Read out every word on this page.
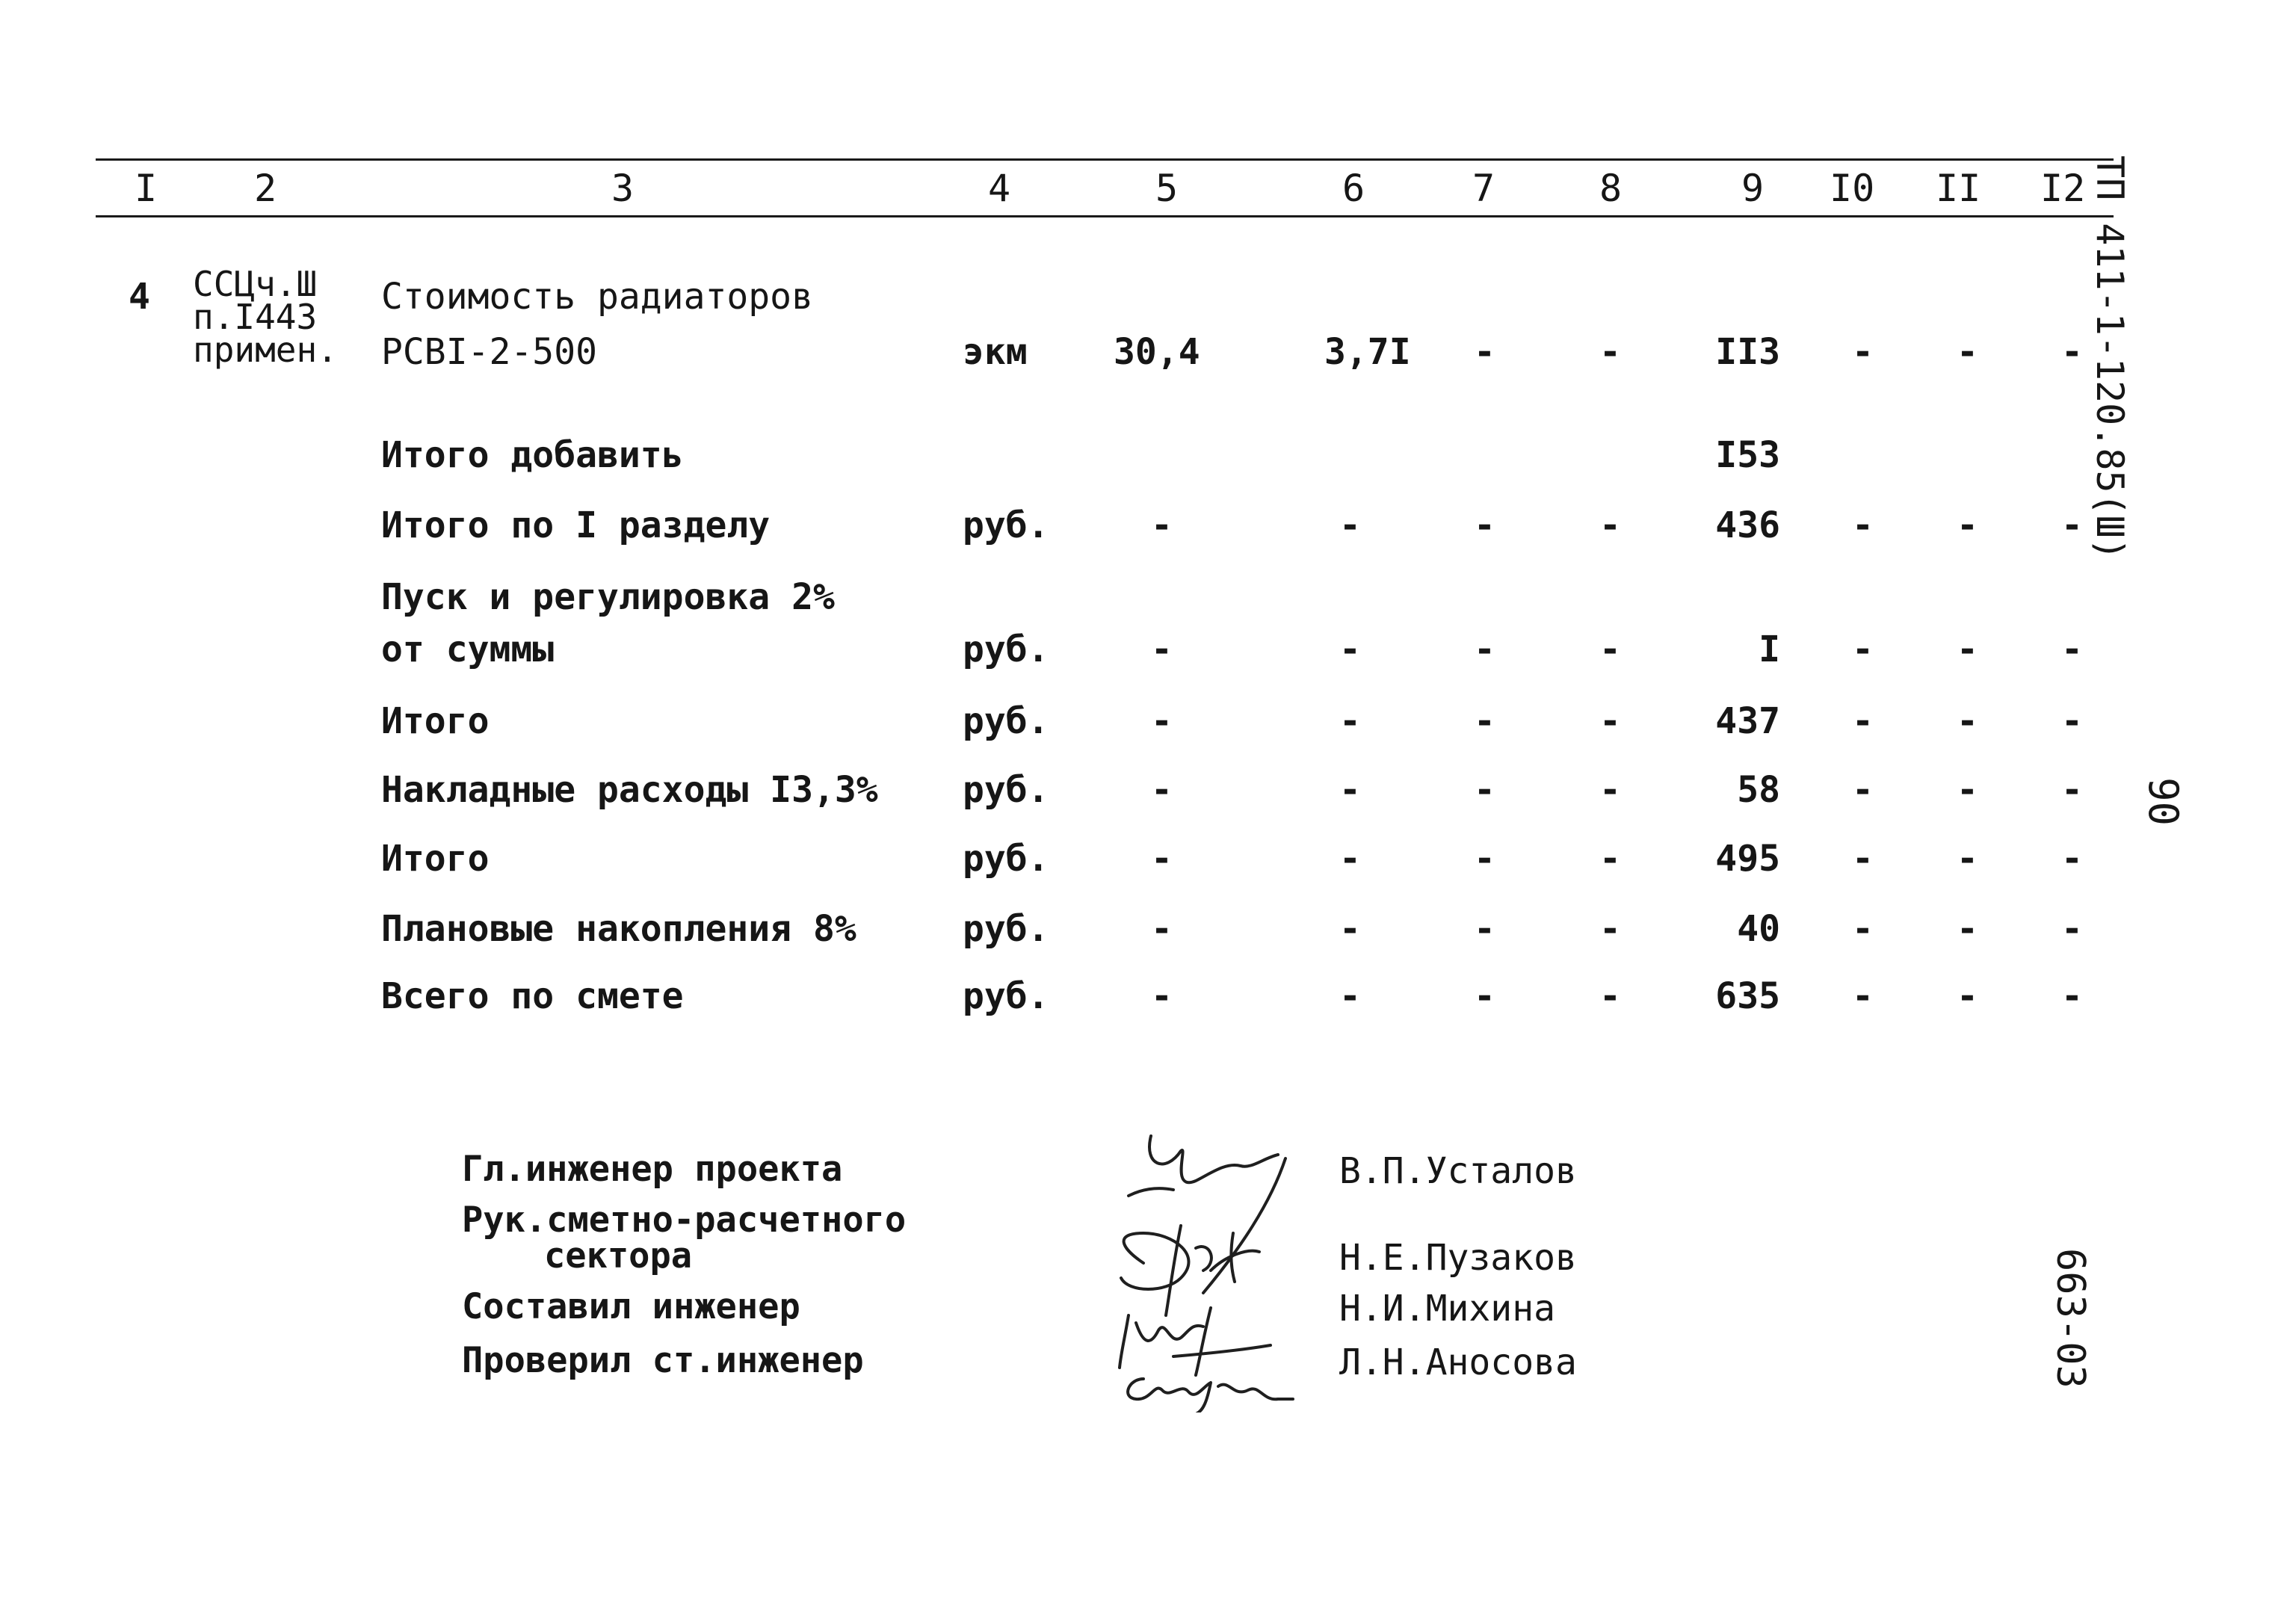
I	2	3	4	5	6	7	8	9 I0 II I2
4 ССЦч.Ш
п.I443
примен.
Стоимость радиаторов
РСВI-2-500	экм 30,4	3,7I -	-	II3 - - -
Итого добавить	I53
Итого по I разделу	руб.	-	-	-	-	436 - - -
Пуск и регулировка 2%
от суммы	руб.	-	-	-	-	I - - -
Итого	руб.	-	-	-	-	437 - - -
Накладные расходы I3,3% руб.	-	-	-	-	58 - - -
Итого	руб.	-	-	-	-	495 - - -
Плановые накопления 8%	руб.	-	-	-	-	40 - - -
Всего по смете	руб.	-	-	-	-	635 - - -
Гл.инженер проекта
Рук.сметно-расчетного
сектора
Составил инженер
Проверил ст.инженер
В.П.Усталов
Н.Е.Пузаков
Н.И.Михина
Л.Н.Аносова
ТП 411-1-120.85(Ш)
90
663-03
